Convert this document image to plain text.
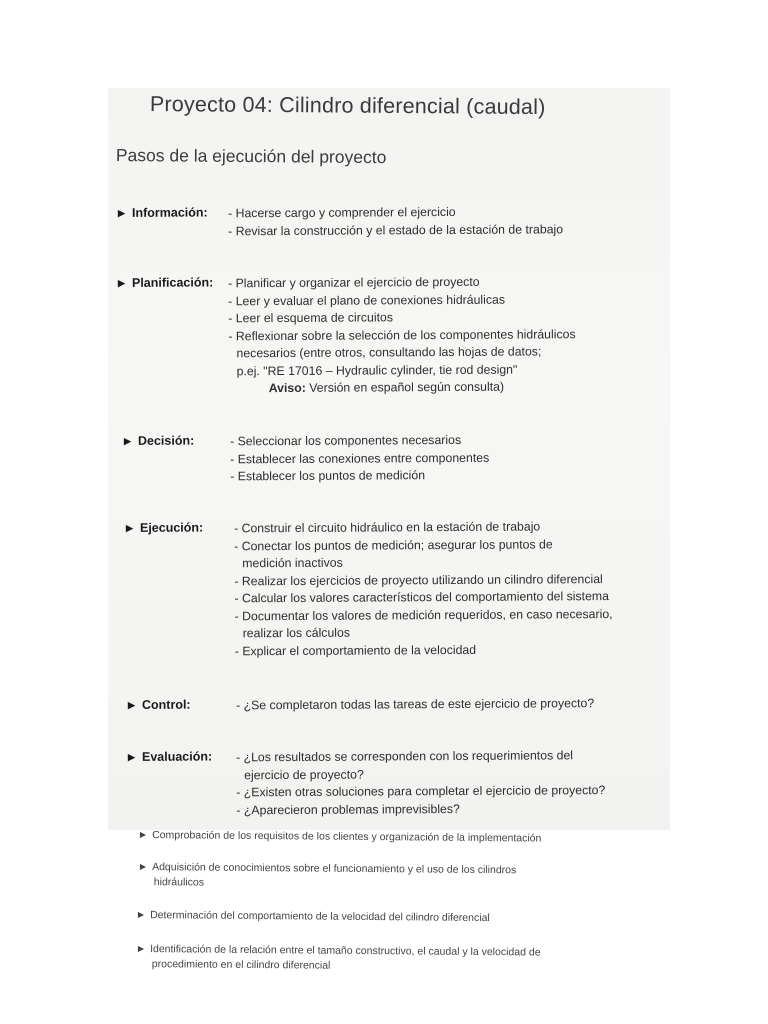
Proyecto 04: Cilindro diferencial (caudal)
Pasos de la ejecución del proyecto
▶ Información: - Hacerse cargo y comprender el ejercicio
- Revisar la construcción y el estado de la estación de trabajo
▶ Planificación: - Planificar y organizar el ejercicio de proyecto
- Leer y evaluar el plano de conexiones hidráulicas
- Leer el esquema de circuitos
- Reflexionar sobre la selección de los componentes hidráulicos
necesarios (entre otros, consultando las hojas de datos;
p.ej. "RE 17016 – Hydraulic cylinder, tie rod design"
Aviso: Versión en español según consulta)
▶ Decisión:	- Seleccionar los componentes necesarios
- Establecer las conexiones entre componentes
- Establecer los puntos de medición
▶ Ejecución:	- Construir el circuito hidráulico en la estación de trabajo
- Conectar los puntos de medición; asegurar los puntos de
medición inactivos
- Realizar los ejercicios de proyecto utilizando un cilindro diferencial
- Calcular los valores característicos del comportamiento del sistema
- Documentar los valores de medición requeridos, en caso necesario,
realizar los cálculos
- Explicar el comportamiento de la velocidad
▶ Control:	- ¿Se completaron todas las tareas de este ejercicio de proyecto?
▶ Evaluación: - ¿Los resultados se corresponden con los requerimientos del
ejercicio de proyecto?
- ¿Existen otras soluciones para completar el ejercicio de proyecto?
- ¿Aparecieron problemas imprevisibles?
▶ Comprobación de los requisitos de los clientes y organización de la implementación
▶ Adquisición de conocimientos sobre el funcionamiento y el uso de los cilindros
hidráulicos
▶ Determinación del comportamiento de la velocidad del cilindro diferencial
▶ Identificación de la relación entre el tamaño constructivo, el caudal y la velocidad de
procedimiento en el cilindro diferencial
